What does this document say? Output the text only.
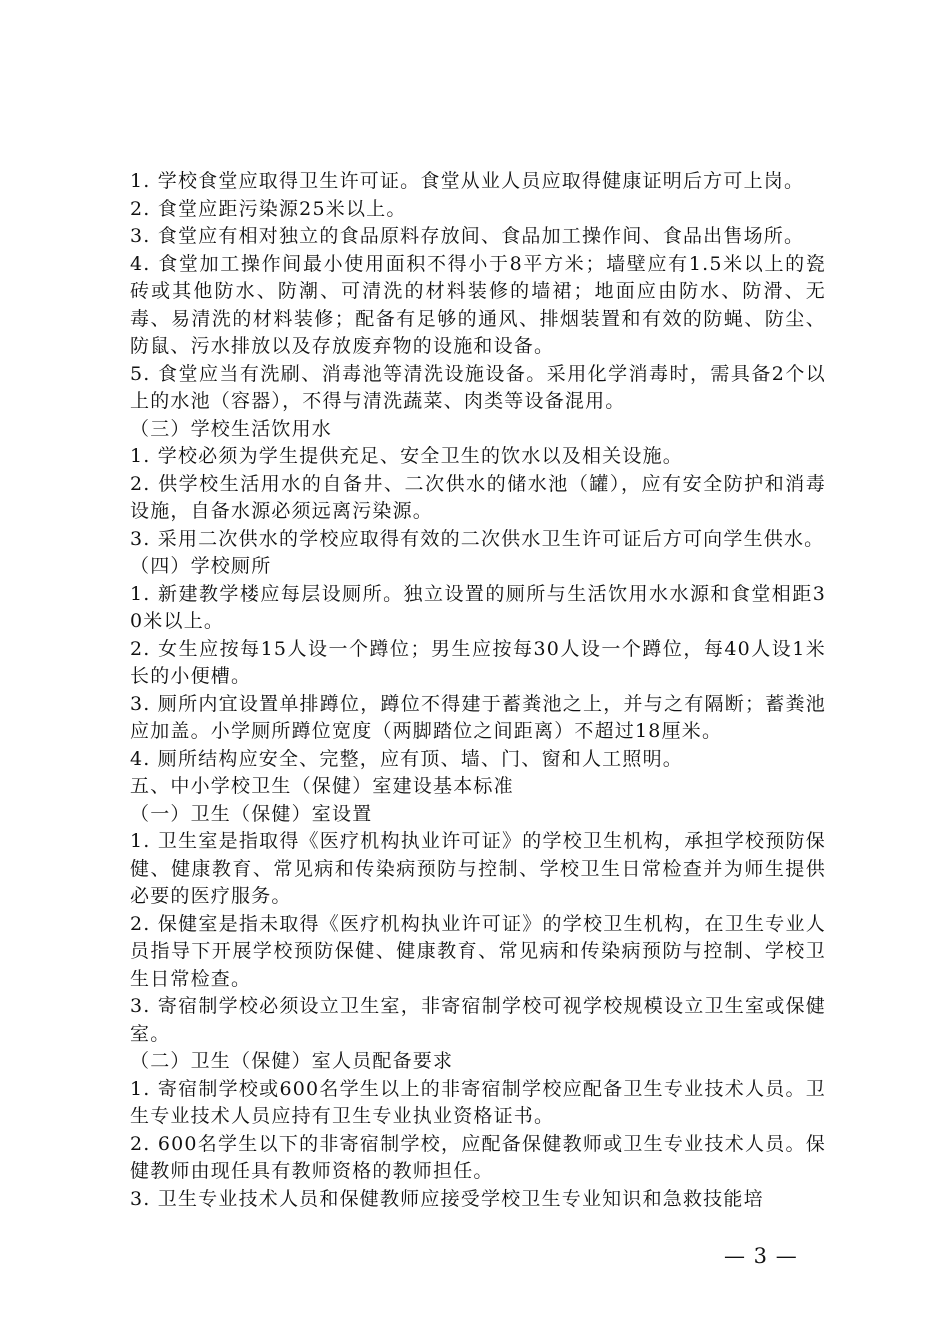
1. 学校食堂应取得卫生许可证。食堂从业人员应取得健康证明后方可上岗。

2. 食堂应距污染源25米以上。

3. 食堂应有相对独立的食品原料存放间、食品加工操作间、食品出售场所。

4. 食堂加工操作间最小使用面积不得小于8平方米；墙壁应有1.5米以上的瓷砖或其他防水、防潮、可清洗的材料装修的墙裙；地面应由防水、防滑、无毒、易清洗的材料装修；配备有足够的通风、排烟装置和有效的防蝇、防尘、防鼠、污水排放以及存放废弃物的设施和设备。

5. 食堂应当有洗刷、消毒池等清洗设施设备。采用化学消毒时，需具备2个以上的水池（容器），不得与清洗蔬菜、肉类等设备混用。

（三）学校生活饮用水

1. 学校必须为学生提供充足、安全卫生的饮水以及相关设施。

2. 供学校生活用水的自备井、二次供水的储水池（罐），应有安全防护和消毒设施，自备水源必须远离污染源。

3. 采用二次供水的学校应取得有效的二次供水卫生许可证后方可向学生供水。

（四）学校厕所

1. 新建教学楼应每层设厕所。独立设置的厕所与生活饮用水水源和食堂相距30米以上。

2. 女生应按每15人设一个蹲位；男生应按每30人设一个蹲位，每40人设1米长的小便槽。

3. 厕所内宜设置单排蹲位，蹲位不得建于蓄粪池之上，并与之有隔断；蓄粪池应加盖。小学厕所蹲位宽度（两脚踏位之间距离）不超过18厘米。

4. 厕所结构应安全、完整，应有顶、墙、门、窗和人工照明。

五、中小学校卫生（保健）室建设基本标准

（一）卫生（保健）室设置

1. 卫生室是指取得《医疗机构执业许可证》的学校卫生机构，承担学校预防保健、健康教育、常见病和传染病预防与控制、学校卫生日常检查并为师生提供必要的医疗服务。

2. 保健室是指未取得《医疗机构执业许可证》的学校卫生机构，在卫生专业人员指导下开展学校预防保健、健康教育、常见病和传染病预防与控制、学校卫生日常检查。

3. 寄宿制学校必须设立卫生室，非寄宿制学校可视学校规模设立卫生室或保健室。

（二）卫生（保健）室人员配备要求

1. 寄宿制学校或600名学生以上的非寄宿制学校应配备卫生专业技术人员。卫生专业技术人员应持有卫生专业执业资格证书。

2. 600名学生以下的非寄宿制学校，应配备保健教师或卫生专业技术人员。保健教师由现任具有教师资格的教师担任。

3. 卫生专业技术人员和保健教师应接受学校卫生专业知识和急救技能培

— 3 —
